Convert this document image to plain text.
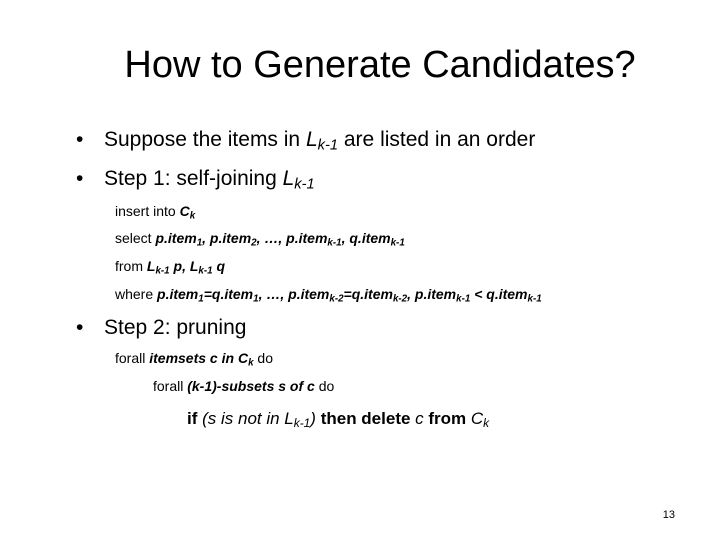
How to Generate Candidates?
• Suppose the items in $L_{k-1}$ are listed in an order
• Step 1: self-joining $L_{k-1}$
insert into $C_k$
select p.item$_1$, p.item$_2$, …, p.item$_{k-1}$, q.item$_{k-1}$
from $L_{k-1}$ p, $L_{k-1}$ q
where p.item$_1$=q.item$_1$, …, p.item$_{k-2}$=q.item$_{k-2}$, p.item$_{k-1}$ < q.item$_{k-1}$
• Step 2: pruning
forall itemsets c in $C_k$ do
forall (k-1)-subsets s of c do
if (s is not in $L_{k-1}$) then delete c from $C_k$
13
